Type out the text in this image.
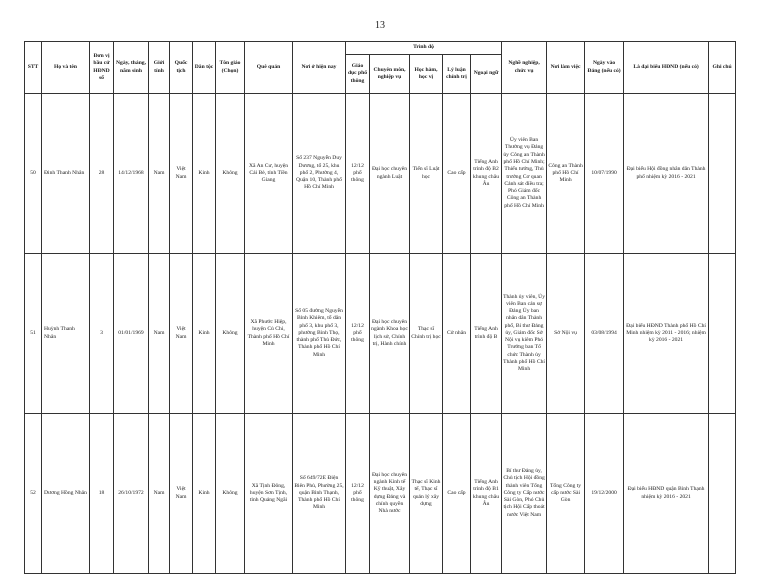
13
STT	Họ và tên	Đơn vị bầu cử HĐND số	Ngày, tháng, năm sinh	Giới tính	Quốc tịch	Dân tộc	Tôn giáo (Chọn)	Quê quán	Nơi ở hiện nay	Trình độ					Nghề nghiệp, chức vụ	Nơi làm việc	Ngày vào Đảng (nếu có)	Là đại biểu HĐND (nếu có)	Ghi chú
										Giáo dục phổ thông	Chuyên môn, nghiệp vụ	Học hàm, học vị	Lý luận chính trị	Ngoại ngữ					
50	Đinh Thanh Nhân	28	14/12/1968	Nam	Việt Nam	Kinh	Không	Xã An Cư, huyện Cái Bè, tỉnh Tiền Giang	Số 237 Nguyễn Duy Dương, tổ 25, khu phố 2, Phường 4, Quận 10, Thành phố Hồ Chí Minh	12/12 phổ thông	Đại học chuyên ngành Luật	Tiến sĩ Luật học	Cao cấp	Tiếng Anh trình độ B2 khung châu Âu	Ủy viên Ban Thường vụ Đảng ủy Công an Thành phố Hồ Chí Minh; Thiếu tướng, Thủ trưởng Cơ quan Cảnh sát điều tra; Phó Giám đốc Công an Thành phố Hồ Chí Minh	Công an Thành phố Hồ Chí Minh	10/07/1990	Đại biểu Hội đồng nhân dân Thành phố nhiệm kỳ 2016 - 2021	
51	Huỳnh Thanh Nhân	3	01/01/1969	Nam	Việt Nam	Kinh	Không	Xã Phước Hiệp, huyện Củ Chi, Thành phố Hồ Chí Minh	Số 05 đường Nguyễn Bỉnh Khiêm, tổ dân phố 3, khu phố 3, phường Bình Thọ, thành phố Thủ Đức, Thành phố Hồ Chí Minh	12/12 phổ thông	Đại học chuyên ngành Khoa học lịch sử, Chính trị, Hành chính	Thạc sĩ Chính trị học	Cử nhân	Tiếng Anh trình độ B	Thành ủy viên, Ủy viên Ban cán sự Đảng Ủy ban nhân dân Thành phố, Bí thư Đảng ủy, Giám đốc Sở Nội vụ kiêm Phó Trưởng ban Tổ chức Thành ủy Thành phố Hồ Chí Minh	Sở Nội vụ	03/08/1994	Đại biểu HĐND Thành phố Hồ Chí Minh nhiệm kỳ 2011 - 2016; nhiệm kỳ 2016 - 2021	
52	Dương Hồng Nhân	18	26/10/1972	Nam	Việt Nam	Kinh	Không	Xã Tịnh Đông, huyện Sơn Tịnh, tỉnh Quảng Ngãi	Số 649/72E Điện Biên Phủ, Phường 25, quận Bình Thạnh, Thành phố Hồ Chí Minh	12/12 phổ thông	Đại học chuyên ngành Kinh tế Kỹ thuật, Xây dựng Đảng và chính quyền Nhà nước	Thạc sĩ Kinh tế, Thạc sĩ quản lý xây dựng	Cao cấp	Tiếng Anh trình độ B1 khung châu Âu	Bí thư Đảng ủy, Chủ tịch Hội đồng thành viên Tổng Công ty Cấp nước Sài Gòn, Phó Chủ tịch Hội Cấp thoát nước Việt Nam	Tổng Công ty cấp nước Sài Gòn	19/12/2000	Đại biểu HĐND quận Bình Thạnh nhiệm kỳ 2016 - 2021	
